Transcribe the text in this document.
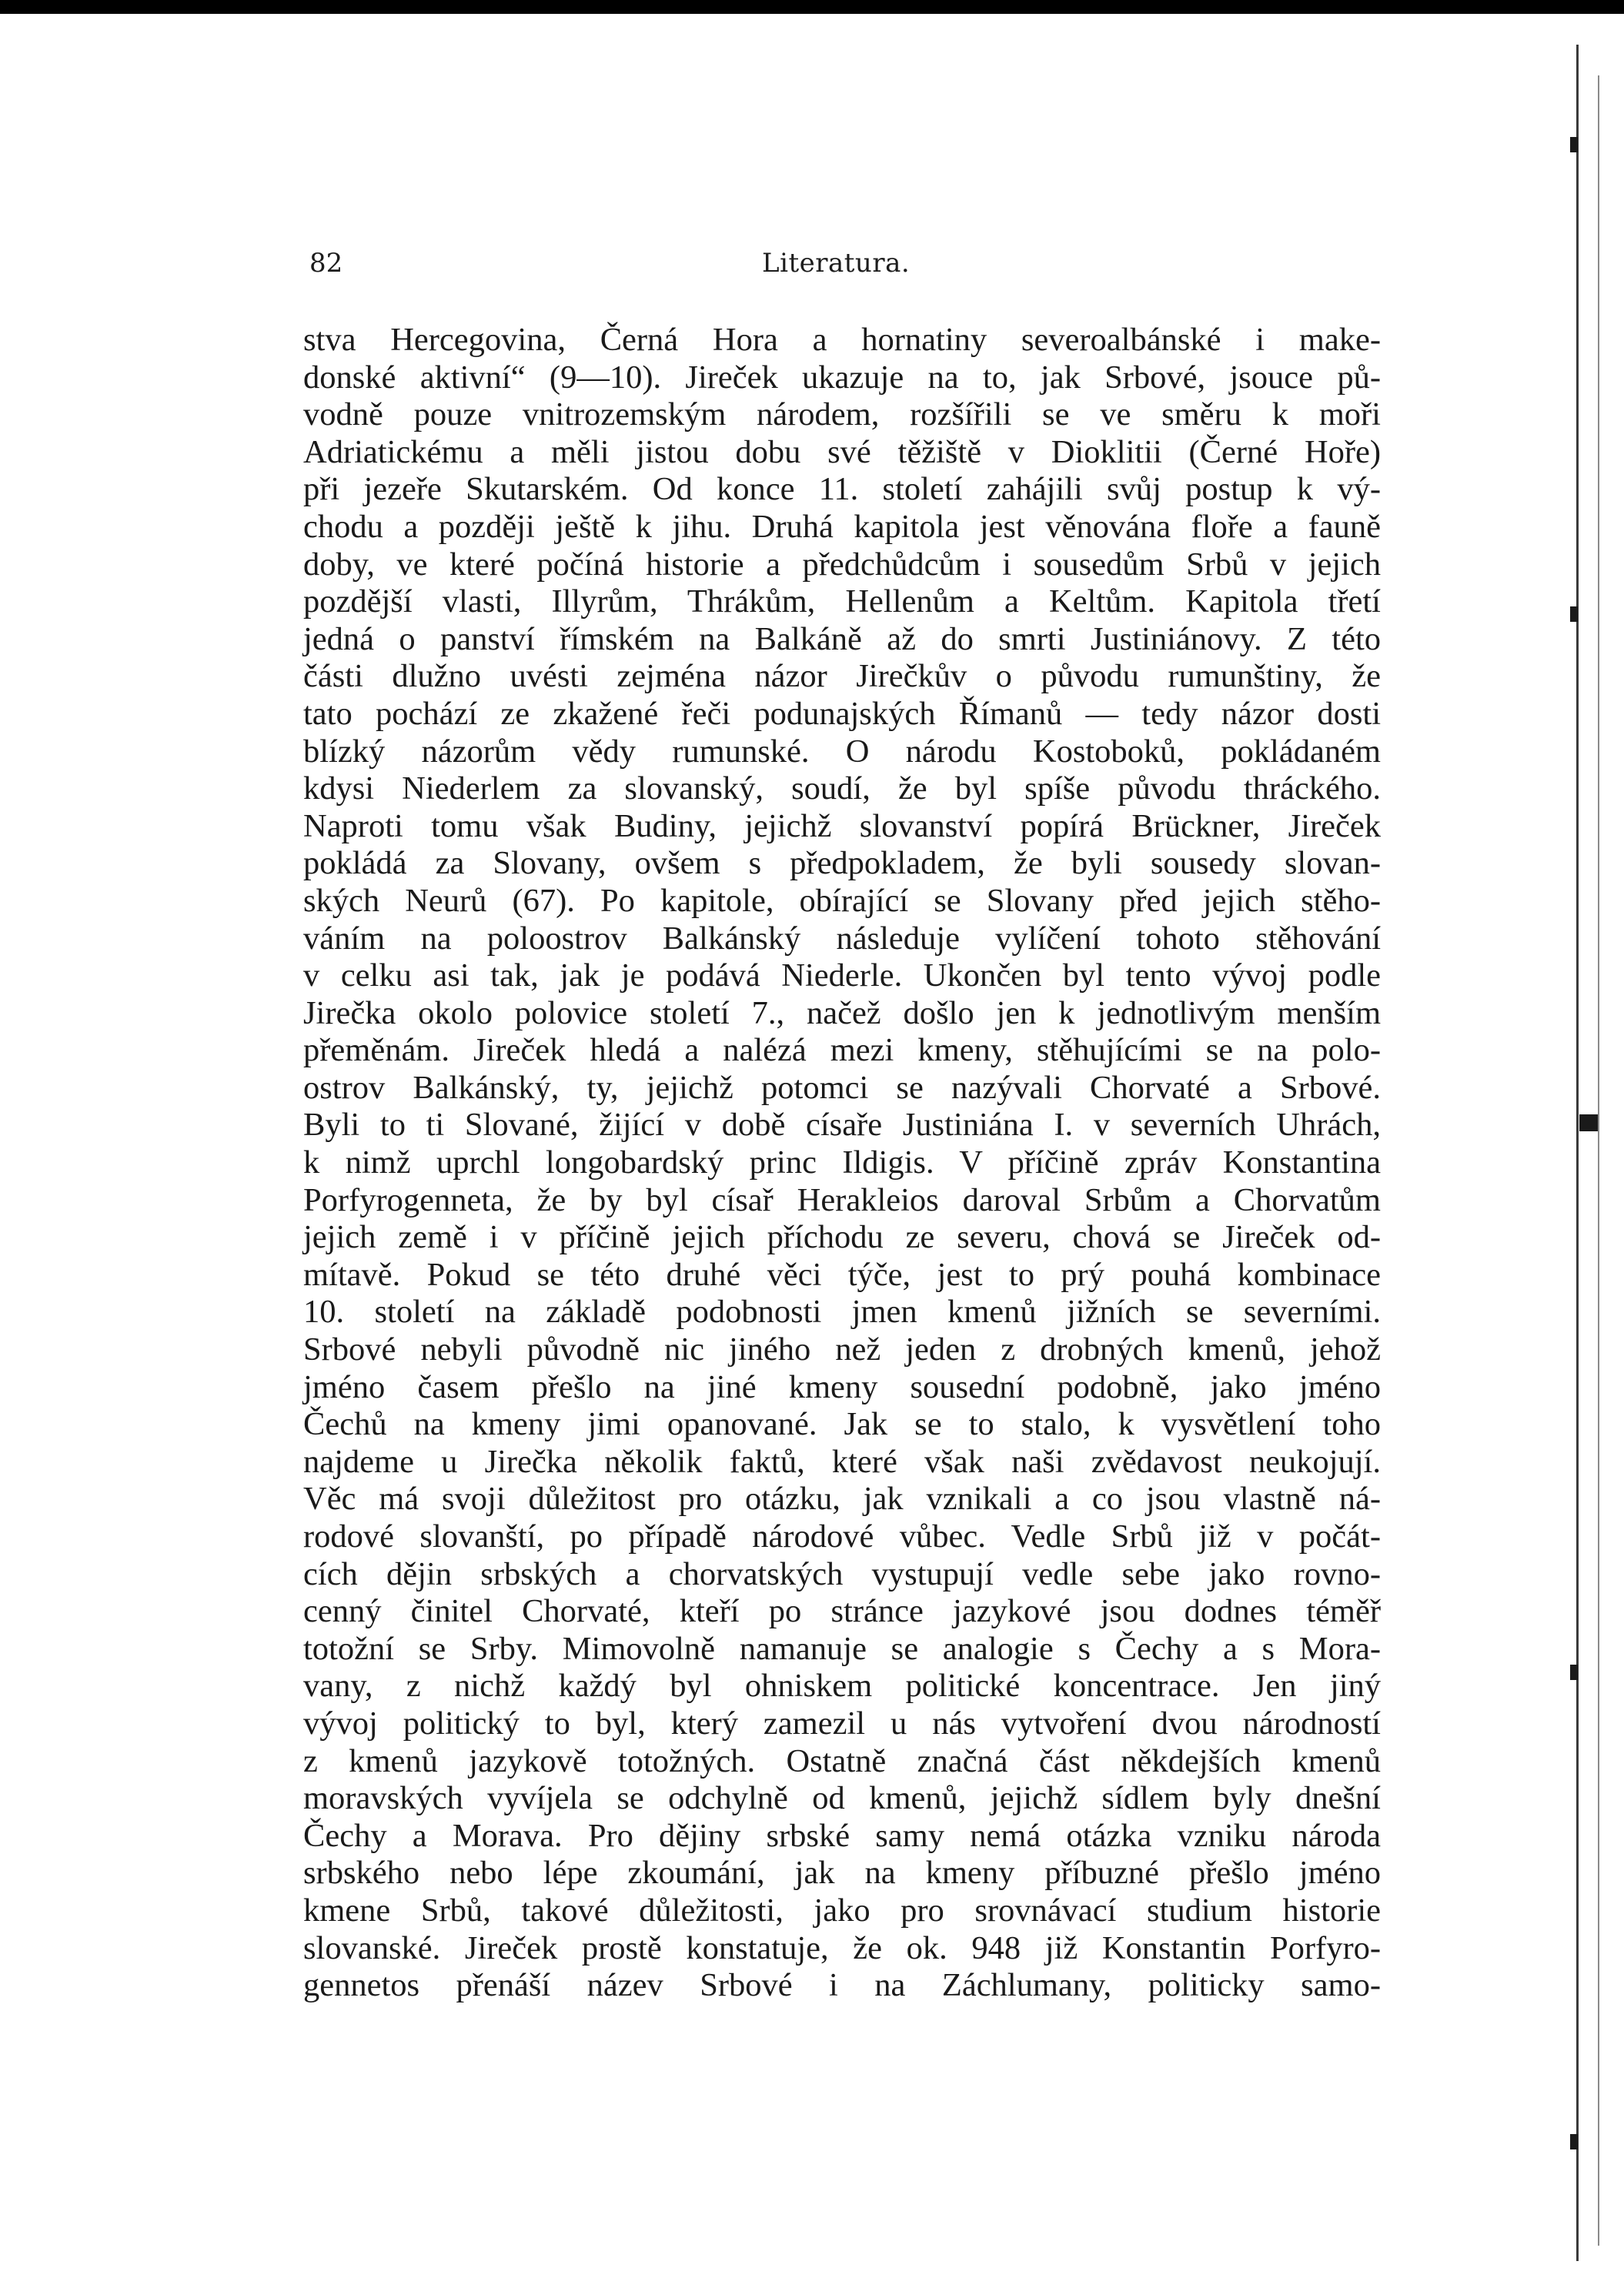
82	Literatura.
stva Hercegovina, Černá Hora a hornatiny severoalbánské i make-
donské aktivní“ (9—10). Jireček ukazuje na to, jak Srbové, jsouce pů-
vodně pouze vnitrozemským národem, rozšířili se ve směru k moři
Adriatickému a měli jistou dobu své těžiště v Dioklitii (Černé Hoře)
při jezeře Skutarském. Od konce 11. století zahájili svůj postup k vý-
chodu a později ještě k jihu. Druhá kapitola jest věnována floře a fauně
doby, ve které počíná historie a předchůdcům i sousedům Srbů v jejich
pozdější vlasti, Illyrům, Thrákům, Hellenům a Keltům. Kapitola třetí
jedná o panství římském na Balkáně až do smrti Justiniánovy. Z této
části dlužno uvésti zejména názor Jirečkův o původu rumunštiny, že
tato pochází ze zkažené řeči podunajských Římanů — tedy názor dosti
blízký názorům vědy rumunské. O národu Kostoboků, pokládaném
kdysi Niederlem za slovanský, soudí, že byl spíše původu thráckého.
Naproti tomu však Budiny, jejichž slovanství popírá Brückner, Jireček
pokládá za Slovany, ovšem s předpokladem, že byli sousedy slovan-
ských Neurů (67). Po kapitole, obírající se Slovany před jejich stěho-
váním na poloostrov Balkánský následuje vylíčení tohoto stěhování
v celku asi tak, jak je podává Niederle. Ukončen byl tento vývoj podle
Jirečka okolo polovice století 7., načež došlo jen k jednotlivým menším
přeměnám. Jireček hledá a nalézá mezi kmeny, stěhujícími se na polo-
ostrov Balkánský, ty, jejichž potomci se nazývali Chorvaté a Srbové.
Byli to ti Slované, žijící v době císaře Justiniána I. v severních Uhrách,
k nimž uprchl longobardský princ Ildigis. V příčině zpráv Konstantina
Porfyrogenneta, že by byl císař Herakleios daroval Srbům a Chorvatům
jejich země i v příčině jejich příchodu ze severu, chová se Jireček od-
mítavě. Pokud se této druhé věci týče, jest to prý pouhá kombinace
10. století na základě podobnosti jmen kmenů jižních se severními.
Srbové nebyli původně nic jiného než jeden z drobných kmenů, jehož
jméno časem přešlo na jiné kmeny sousední podobně, jako jméno
Čechů na kmeny jimi opanované. Jak se to stalo, k vysvětlení toho
najdeme u Jirečka několik faktů, které však naši zvědavost neukojují.
Věc má svoji důležitost pro otázku, jak vznikali a co jsou vlastně ná-
rodové slovanští, po případě národové vůbec. Vedle Srbů již v počát-
cích dějin srbských a chorvatských vystupují vedle sebe jako rovno-
cenný činitel Chorvaté, kteří po stránce jazykové jsou dodnes téměř
totožní se Srby. Mimovolně namanuje se analogie s Čechy a s Mora-
vany, z nichž každý byl ohniskem politické koncentrace. Jen jiný
vývoj politický to byl, který zamezil u nás vytvoření dvou národností
z kmenů jazykově totožných. Ostatně značná část někdejších kmenů
moravských vyvíjela se odchylně od kmenů, jejichž sídlem byly dnešní
Čechy a Morava. Pro dějiny srbské samy nemá otázka vzniku národa
srbského nebo lépe zkoumání, jak na kmeny příbuzné přešlo jméno
kmene Srbů, takové důležitosti, jako pro srovnávací studium historie
slovanské. Jireček prostě konstatuje, že ok. 948 již Konstantin Porfyro-
gennetos přenáší název Srbové i na Záchlumany, politicky samo-
